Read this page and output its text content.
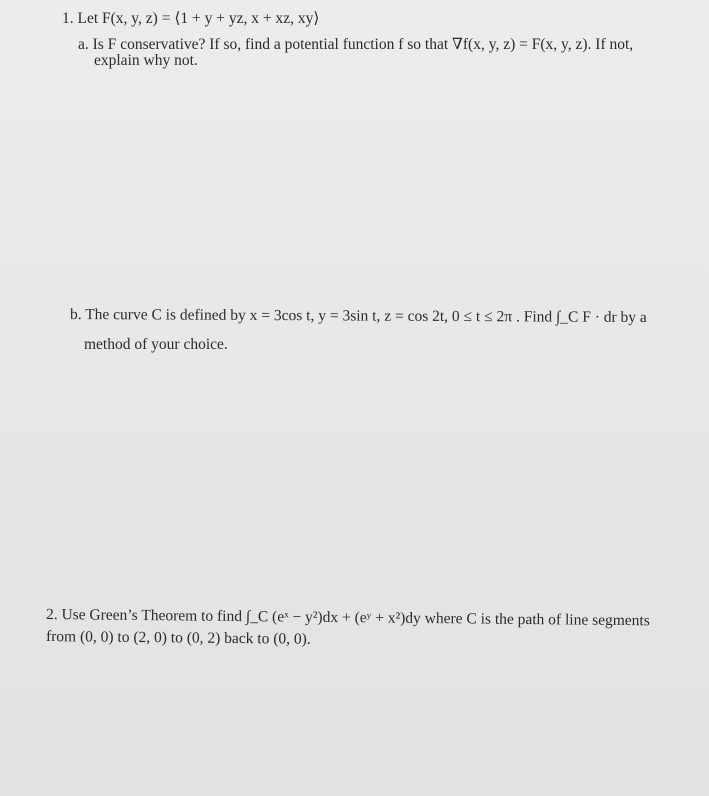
1. Let F(x, y, z) = ⟨1 + y + yz, x + xz, xy⟩
a. Is F conservative? If so, find a potential function f so that ∇f(x, y, z) = F(x, y, z). If not,
explain why not.
b. The curve C is defined by x = 3cos t, y = 3sin t, z = cos 2t, 0 ≤ t ≤ 2π . Find ∫_C F · dr by a
method of your choice.
2. Use Green’s Theorem to find ∫_C (eˣ − y²)dx + (eʸ + x²)dy where C is the path of line segments
from (0, 0) to (2, 0) to (0, 2) back to (0, 0).
